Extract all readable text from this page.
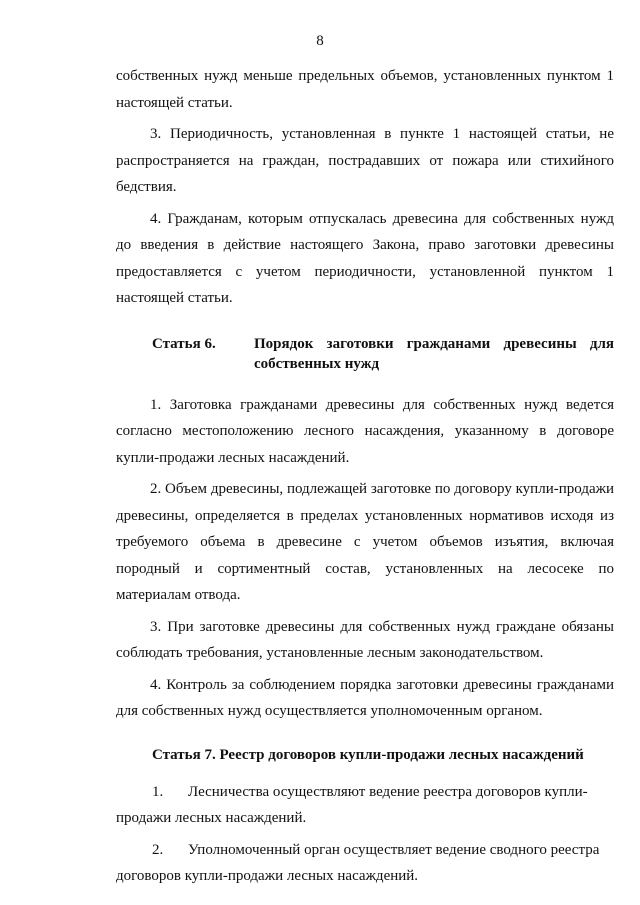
8

собственных нужд меньше предельных объемов, установленных пунктом 1 настоящей статьи.

3. Периодичность, установленная в пункте 1 настоящей статьи, не распространяется на граждан, пострадавших от пожара или стихийного бедствия.

4. Гражданам, которым отпускалась древесина для собственных нужд до введения в действие настоящего Закона, право заготовки древесины предоставляется с учетом периодичности, установленной пунктом 1 настоящей статьи.

Статья 6.	Порядок заготовки гражданами древесины для собственных нужд

1. Заготовка гражданами древесины для собственных нужд ведется согласно местоположению лесного насаждения, указанному в договоре купли-продажи лесных насаждений.

2. Объем древесины, подлежащей заготовке по договору купли-продажи древесины, определяется в пределах установленных нормативов исходя из требуемого объема в древесине с учетом объемов изъятия, включая породный и сортиментный состав, установленных на лесосеке по материалам отвода.

3. При заготовке древесины для собственных нужд граждане обязаны соблюдать требования, установленные лесным законодательством.

4. Контроль за соблюдением порядка заготовки древесины гражданами для собственных нужд осуществляется уполномоченным органом.

Статья 7. Реестр договоров купли-продажи лесных насаждений
1.	Лесничества осуществляют ведение реестра договоров купли-

продажи лесных насаждений.

2.	Уполномоченный орган осуществляет ведение сводного реестра

договоров купли-продажи лесных насаждений.
